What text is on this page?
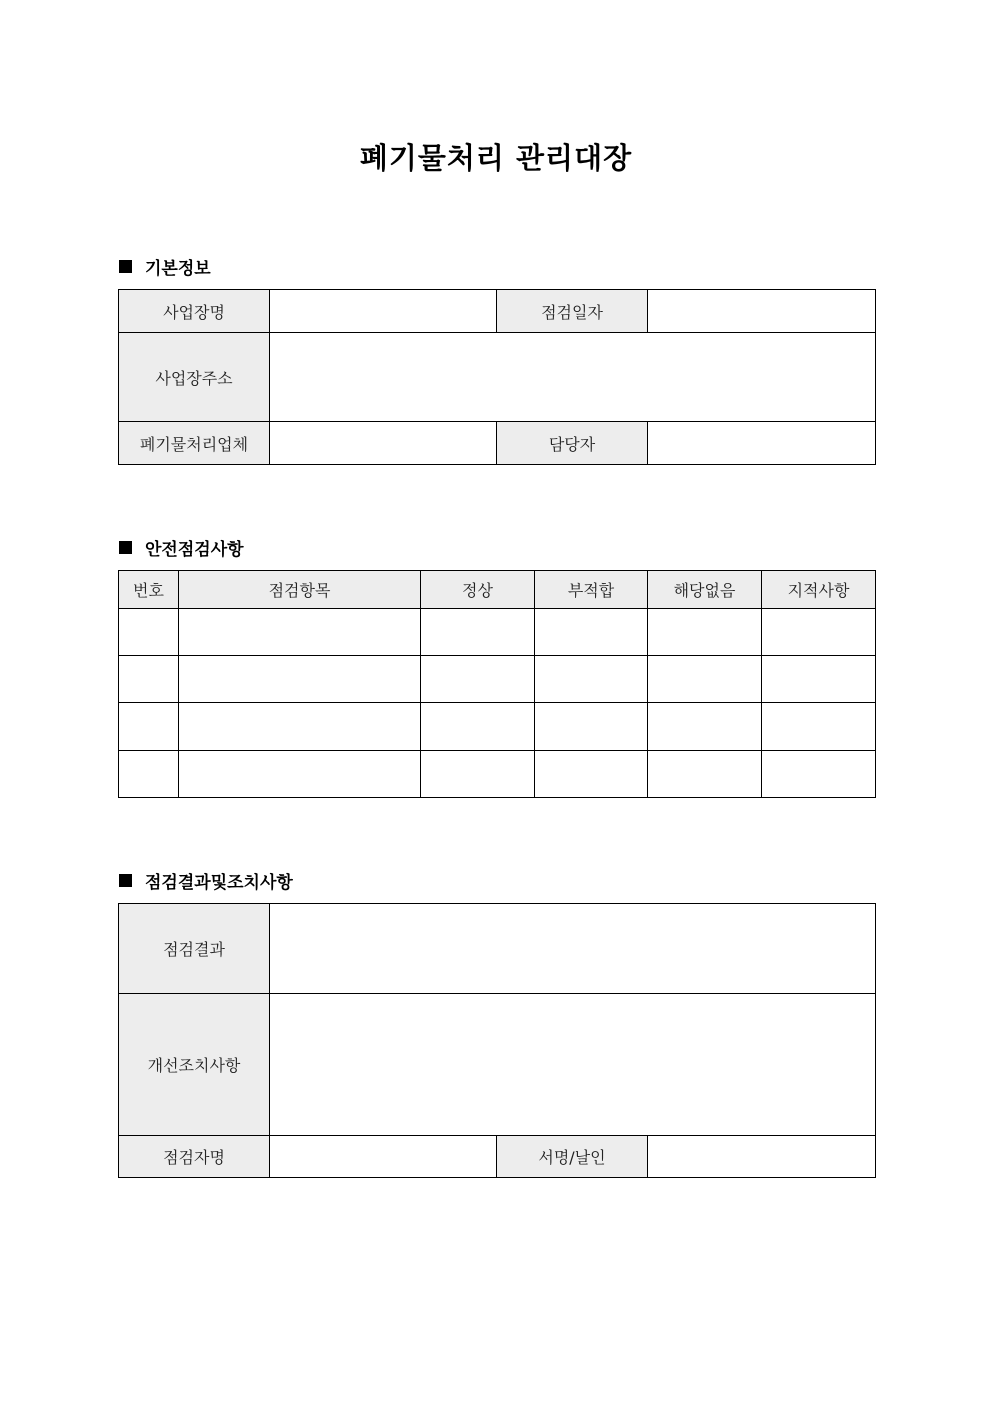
폐기물처리 관리대장
기본정보
사업장명		점검일자	
사업장주소			
폐기물처리업체		담당자	
안전점검사항
번호	점검항목	정상	부적합	해당없음	지적사항

점검결과및조치사항
점검결과			
개선조치사항			
점검자명		서명/날인	
